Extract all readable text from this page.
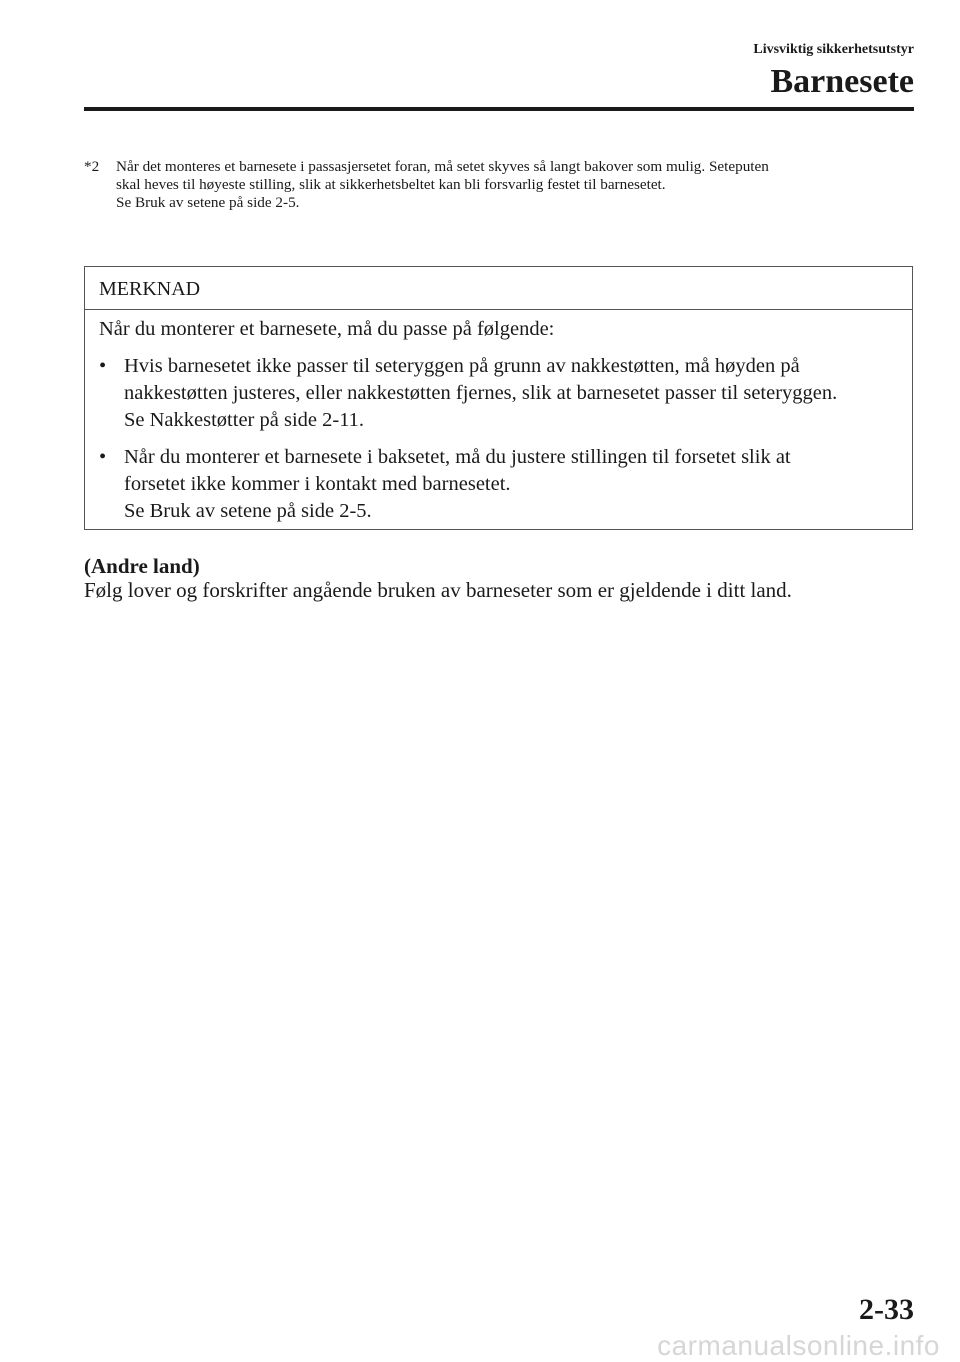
Livsviktig sikkerhetsutstyr
Barnesete
*2	Når det monteres et barnesete i passasjersetet foran, må setet skyves så langt bakover som mulig. Seteputen
skal heves til høyeste stilling, slik at sikkerhetsbeltet kan bli forsvarlig festet til barnesetet.
Se Bruk av setene på side 2-5.
MERKNAD
Når du monterer et barnesete, må du passe på følgende:
• Hvis barnesetet ikke passer til seteryggen på grunn av nakkestøtten, må høyden på
nakkestøtten justeres, eller nakkestøtten fjernes, slik at barnesetet passer til seteryggen.
Se Nakkestøtter på side 2-11.
• Når du monterer et barnesete i baksetet, må du justere stillingen til forsetet slik at
forsetet ikke kommer i kontakt med barnesetet.
Se Bruk av setene på side 2-5.
(Andre land)
Følg lover og forskrifter angående bruken av barneseter som er gjeldende i ditt land.
2-33
carmanualsonline.info
